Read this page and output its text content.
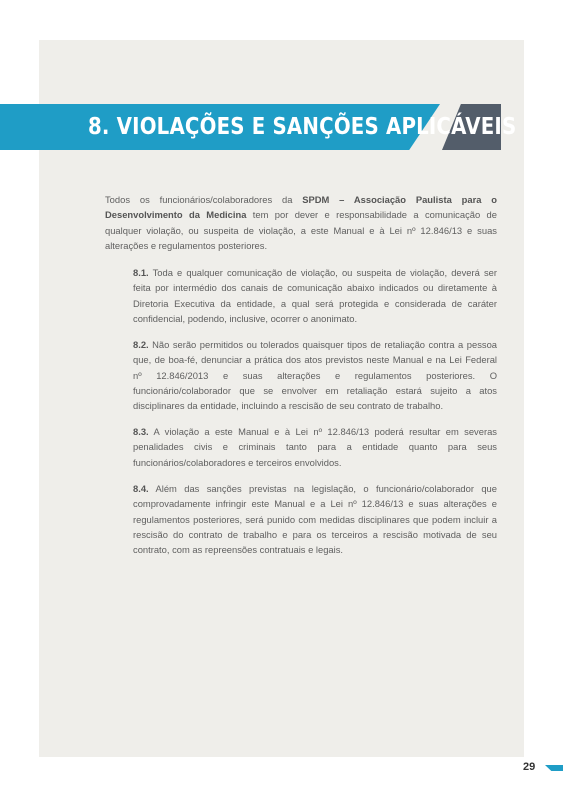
8. VIOLAÇÕES E SANÇÕES APLICÁVEIS

Todos os funcionários/colaboradores da SPDM – Associação Paulista para o Desenvolvimento da Medicina tem por dever e responsabilidade a comunicação de qualquer violação, ou suspeita de violação, a este Manual e à Lei nº 12.846/13 e suas alterações e regulamentos posteriores.

8.1. Toda e qualquer comunicação de violação, ou suspeita de violação, deverá ser feita por intermédio dos canais de comunicação abaixo indicados ou diretamente à Diretoria Executiva da entidade, a qual será protegida e considerada de caráter confidencial, podendo, inclusive, ocorrer o anonimato.

8.2. Não serão permitidos ou tolerados quaisquer tipos de retaliação contra a pessoa que, de boa-fé, denunciar a prática dos atos previstos neste Manual e na Lei Federal nº 12.846/2013 e suas alterações e regulamentos posteriores. O funcionário/colaborador que se envolver em retaliação estará sujeito a atos disciplinares da entidade, incluindo a rescisão de seu contrato de trabalho.

8.3. A violação a este Manual e à Lei nº 12.846/13 poderá resultar em severas penalidades civis e criminais tanto para a entidade quanto para seus funcionários/colaboradores e terceiros envolvidos.

8.4. Além das sanções previstas na legislação, o funcionário/colaborador que comprovadamente infringir este Manual e a Lei nº 12.846/13 e suas alterações e regulamentos posteriores, será punido com medidas disciplinares que podem incluir a rescisão do contrato de trabalho e para os terceiros a rescisão motivada de seu contrato, com as repreensões contratuais e legais.

29
